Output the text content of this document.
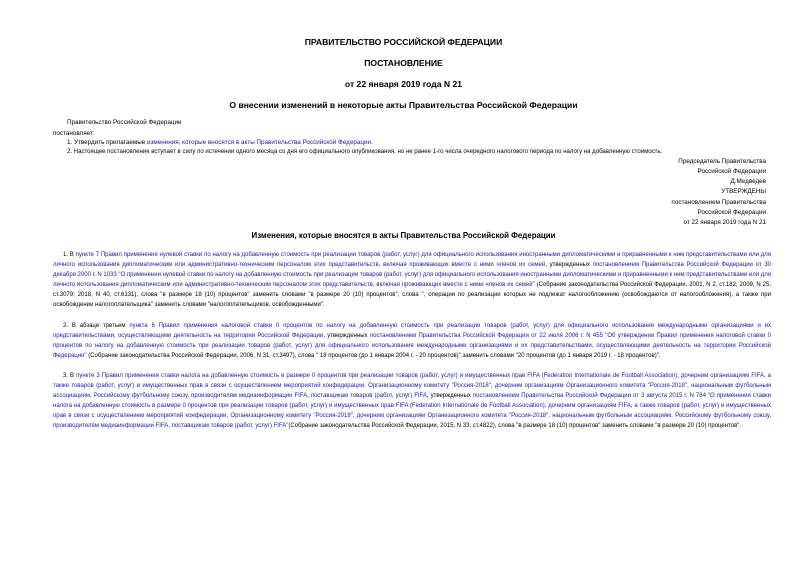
ПРАВИТЕЛЬСТВО РОССИЙСКОЙ ФЕДЕРАЦИИ
ПОСТАНОВЛЕНИЕ
от 22 января 2019 года N 21
О внесении изменений в некоторые акты Правительства Российской Федерации
Правительство Российской Федерации
постановляет:
1. Утвердить прилагаемые изменения, которые вносятся в акты Правительства Российской Федерации.
2. Настоящее постановление вступает в силу по истечении одного месяца со дня его официального опубликования, но не ранее 1-го числа очередного налогового периода по налогу на добавленную стоимость.
Председатель Правительства
Российской Федерации
Д.Медведев
УТВЕРЖДЕНЫ
постановлением Правительства
Российской Федерации
от 22 января 2019 года N 21
Изменения, которые вносятся в акты Правительства Российской Федерации
1. В пункте 7 Правил применения нулевой ставки по налогу на добавленную стоимость при реализации товаров (работ, услуг) для официального использования иностранными дипломатическими и приравненными к ним представительствами или для личного использования дипломатическим или административно-техническим персоналом этих представительств, включая проживающих вместе с ними членов их семей, утвержденных постановлением Правительства Российской Федерации от 30 декабря 2000 г. N 1033 "О применении нулевой ставки по налогу на добавленную стоимость при реализации товаров (работ, услуг) для официального использования иностранными дипломатическими и приравненными к ним представительствами или для личного использования дипломатическим или административно-техническим персоналом этих представительств, включая проживающих вместе с ними членов их семей" (Собрание законодательства Российской Федерации, 2001, N 2, ст.182; 2009, N 25, ст.3079; 2018, N 40, ст.6131), слова "в размере 18 (10) процентов" заменить словами "в размере 20 (10) процентов", слова ", операции по реализации которых не подлежат налогообложению (освобождаются от налогообложения), а также при освобождении налогоплательщика" заменить словами "налогоплательщиков, освобожденными".
2. В абзаце третьем пункта 6 Правил применения налоговой ставки 0 процентов по налогу на добавленную стоимость при реализации товаров (работ, услуг) для официального использования международными организациями и их представительствами, осуществляющими деятельность на территории Российской Федерации, утвержденных постановлением Правительства Российской Федерации от 22 июля 2006 г. N 455 "Об утверждении Правил применения налоговой ставки 0 процентов по налогу на добавленную стоимость при реализации товаров (работ, услуг) для официального использования международными организациями и их представительствами, осуществляющими деятельность на территории Российской Федерации" (Собрание законодательства Российской Федерации, 2006, N 31, ст.3497), слова " 18 процентов (до 1 января 2004 г. - 20 процентов)" заменить словами "20 процентов (до 1 января 2019 г. - 18 процентов)".
3. В пункте 3 Правил применения ставки налога на добавленную стоимость в размере 0 процентов при реализации товаров (работ, услуг) и имущественных прав FIFA (Federation Internationale de Football Association), дочерним организациям FIFA, а также товаров (работ, услуг) и имущественных прав в связи с осуществлением мероприятий конфедерации, Организационному комитету "Россия-2018", дочерним организациям Организационного комитета "Россия-2018", национальным футбольным ассоциациям, Российскому футбольному союзу, производителям медиаинформации FIFA, поставщикам товаров (работ, услуг) FIFA, утвержденных постановлением Правительства Российской Федерации от 3 августа 2015 г. N 784 "О применении ставки налога на добавленную стоимость в размере 0 процентов при реализации товаров (работ, услуг) и имущественных прав FIFA (Federation Internationale de Football Association), дочерним организациям FIFA, а также товаров (работ, услуг) и имущественных прав в связи с осуществлением мероприятий конфедерации, Организационному комитету "Россия-2018", дочерним организациям Организационного комитета "Россия-2018", национальным футбольным ассоциациям, Российскому футбольному союзу, производителям медиаинформации FIFA, поставщикам товаров (работ, услуг) FIFA"(Собрание законодательства Российской Федерации, 2015, N 33, ст.4822), слова "в размере 18 (10) процентов" заменить словами "в размере 20 (10) процентов".
